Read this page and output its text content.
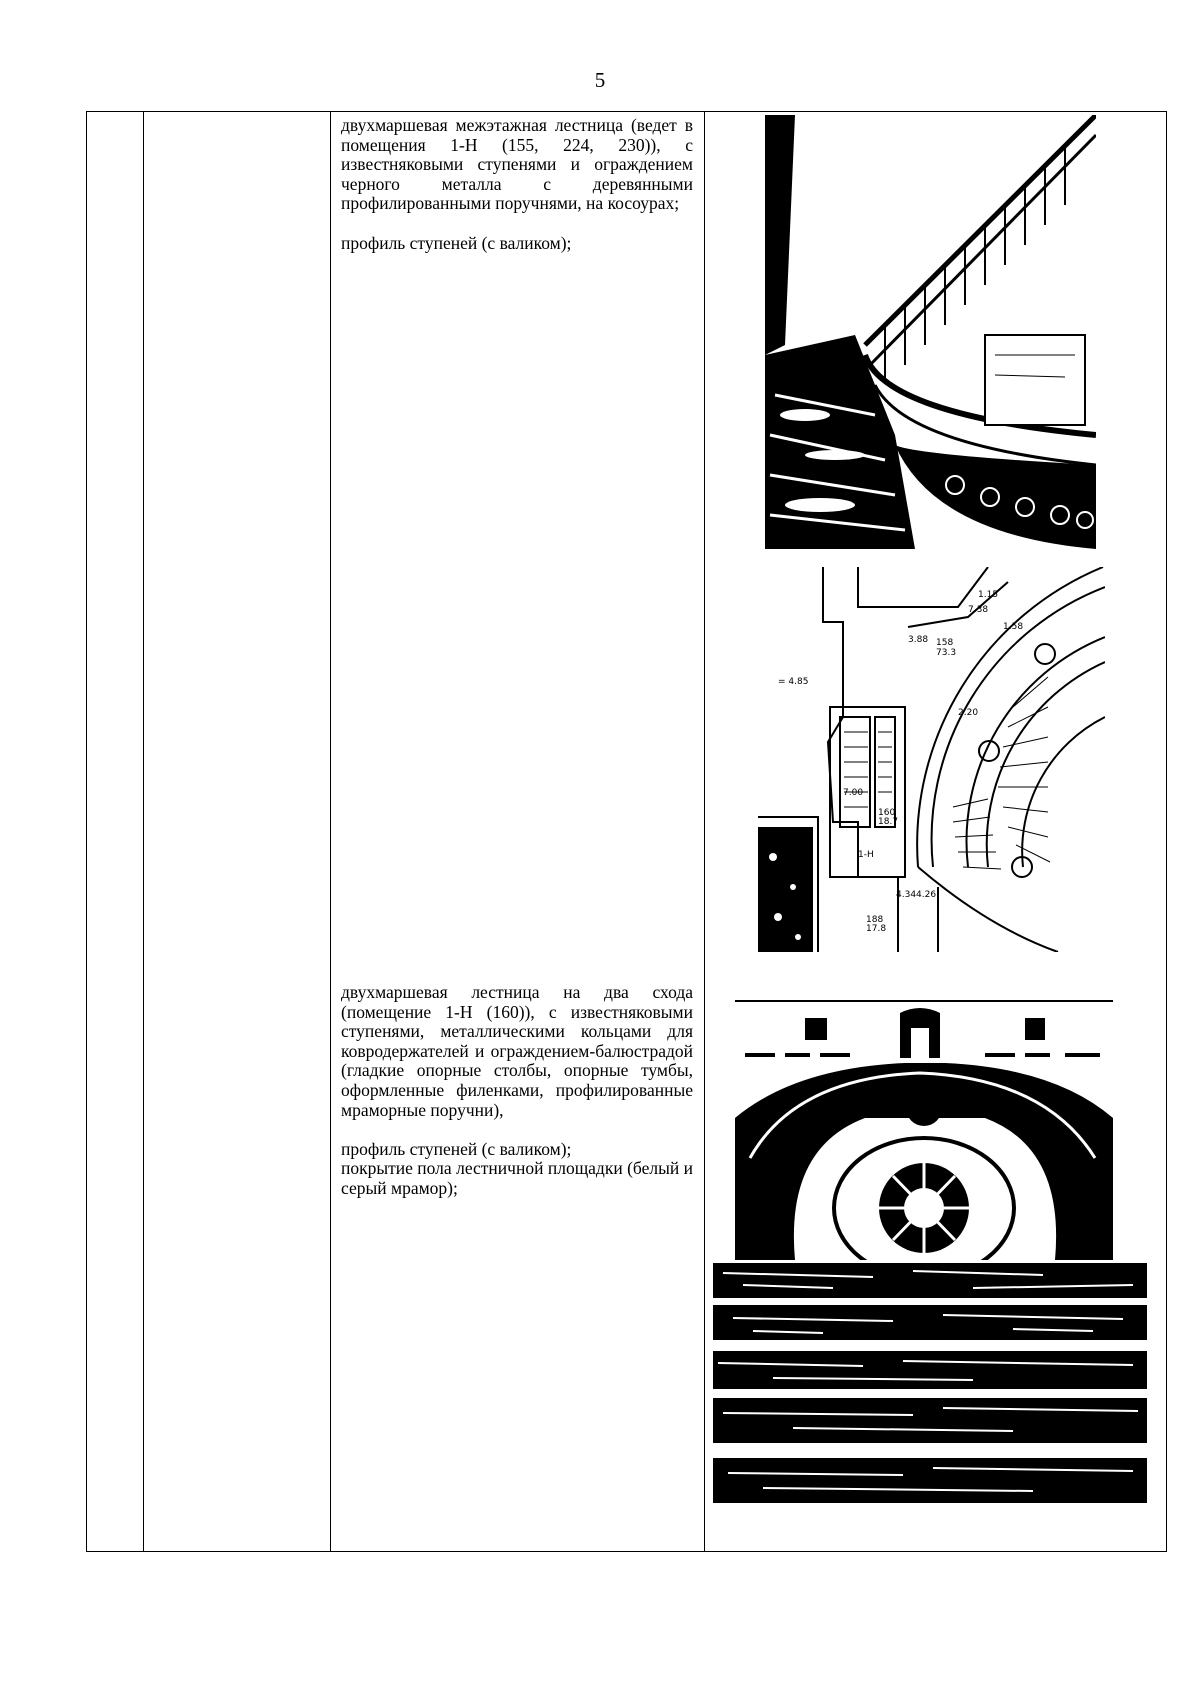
5

двухмаршевая межэтажная лестница (ведет в помещения 1-Н (155, 224, 230)), с известняковыми ступенями и ограждением черного металла с деревянными профилированными поручнями, на косоурах;

профиль ступеней (с валиком);

двухмаршевая лестница на два схода (помещение 1-Н (160)), с известняковыми ступенями, металлическими кольцами для ковродержателей и ограждением-балюстрадой (гладкие опорные столбы, опорные тумбы, оформленные филенками, профилированные мраморные поручни),

профиль ступеней (с валиком);

покрытие пола лестничной площадки (белый и серый мрамор);

= 4.85
158
73.3
160
18.7
188
17.8
1-Н
7.38
1.15
1.58
3.88
2.20
7.00
4.34 4.26
